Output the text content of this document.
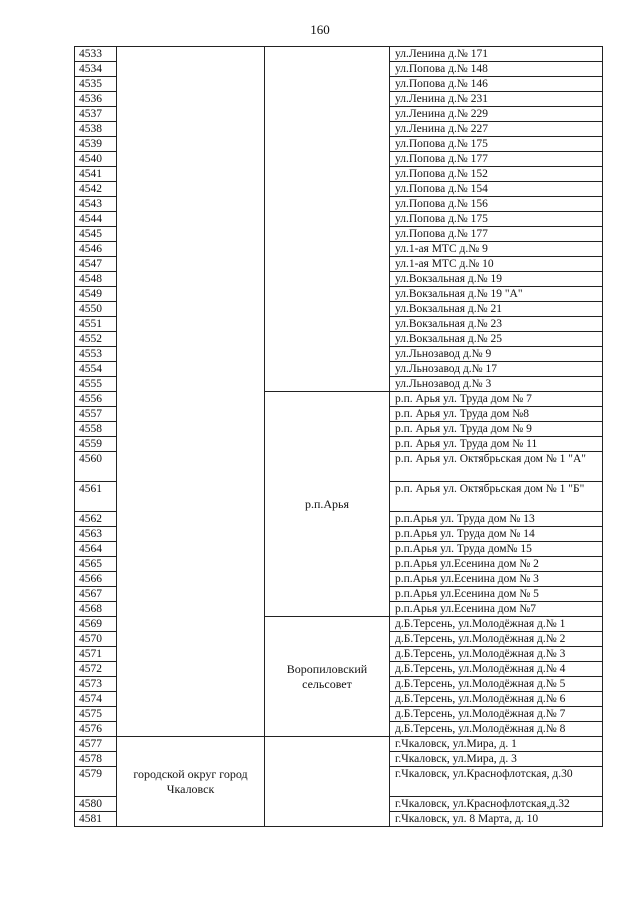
160
4533			ул.Ленина д.№ 171
4534			ул.Попова д.№ 148
4535			ул.Попова д.№ 146
4536			ул.Ленина д.№ 231
4537			ул.Ленина д.№ 229
4538			ул.Ленина д.№ 227
4539			ул.Попова д.№ 175
4540			ул.Попова д.№ 177
4541			ул.Попова д.№ 152
4542			ул.Попова д.№ 154
4543			ул.Попова д.№ 156
4544			ул.Попова д.№ 175
4545			ул.Попова д.№ 177
4546			ул.1-ая МТС д.№ 9
4547			ул.1-ая МТС д.№ 10
4548			ул.Вокзальная д.№ 19
4549			ул.Вокзальная д.№ 19 "А"
4550			ул.Вокзальная д.№ 21
4551			ул.Вокзальная д.№ 23
4552			ул.Вокзальная д.№ 25
4553			ул.Льнозавод д.№ 9
4554			ул.Льнозавод д.№ 17
4555			ул.Льнозавод д.№ 3
4556		р.п.Арья	р.п. Арья ул. Труда дом № 7
4557			р.п. Арья ул. Труда дом №8
4558			р.п. Арья ул. Труда дом № 9
4559			р.п. Арья ул. Труда дом № 11
4560			р.п. Арья ул. Октябрьская дом № 1 "А"
4561			р.п. Арья ул. Октябрьская дом № 1 "Б"
4562			р.п.Арья ул. Труда дом № 13
4563			р.п.Арья ул. Труда дом № 14
4564			р.п.Арья ул. Труда дом№ 15
4565			р.п.Арья ул.Есенина дом № 2
4566			р.п.Арья ул.Есенина дом № 3
4567			р.п.Арья ул.Есенина дом № 5
4568			р.п.Арья ул.Есенина дом №7
4569		Воропиловский сельсовет	д.Б.Терсень, ул.Молодёжная д.№ 1
4570			д.Б.Терсень, ул.Молодёжная д.№ 2
4571			д.Б.Терсень, ул.Молодёжная д.№ 3
4572			д.Б.Терсень, ул.Молодёжная д.№ 4
4573			д.Б.Терсень, ул.Молодёжная д.№ 5
4574			д.Б.Терсень, ул.Молодёжная д.№ 6
4575			д.Б.Терсень, ул.Молодёжная д.№ 7
4576			д.Б.Терсень, ул.Молодёжная д.№ 8
4577	городской округ город Чкаловск		г.Чкаловск, ул.Мира, д. 1
4578			г.Чкаловск, ул.Мира, д. 3
4579			г.Чкаловск, ул.Краснофлотская, д.30
4580			г.Чкаловск, ул.Краснофлотская,д.32
4581			г.Чкаловск, ул. 8 Марта, д. 10
